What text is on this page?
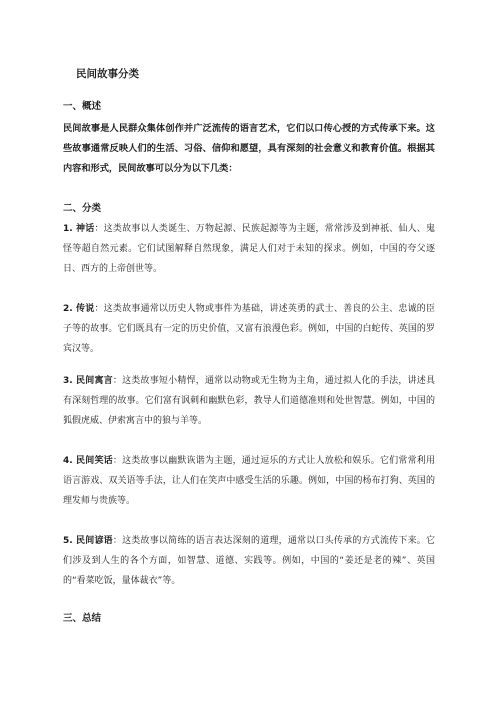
民间故事分类
一、概述
民间故事是人民群众集体创作并广泛流传的语言艺术，它们以口传心授的方式传承下来。这些故事通常反映人们的生活、习俗、信仰和愿望，具有深刻的社会意义和教育价值。根据其内容和形式，民间故事可以分为以下几类：
二、分类

1. 神话：这类故事以人类诞生、万物起源、民族起源等为主题，常常涉及到神祇、仙人、鬼怪等超自然元素。它们试图解释自然现象，满足人们对于未知的探求。例如，中国的夸父逐日、西方的上帝创世等。

2. 传说：这类故事通常以历史人物或事件为基础，讲述英勇的武士、善良的公主、忠诚的臣子等的故事。它们既具有一定的历史价值，又富有浪漫色彩。例如，中国的白蛇传、英国的罗宾汉等。

3. 民间寓言：这类故事短小精悍，通常以动物或无生物为主角，通过拟人化的手法，讲述具有深刻哲理的故事。它们富有讽刺和幽默色彩，教导人们道德准则和处世智慧。例如，中国的狐假虎威、伊索寓言中的狼与羊等。

4. 民间笑话：这类故事以幽默诙谐为主题，通过逗乐的方式让人放松和娱乐。它们常常利用语言游戏、双关语等手法，让人们在笑声中感受生活的乐趣。例如，中国的杨布打狗、英国的理发师与贵族等。

5. 民间谚语：这类故事以简练的语言表达深刻的道理，通常以口头传承的方式流传下来。它们涉及到人生的各个方面，如智慧、道德、实践等。例如，中国的“姜还是老的辣”、英国的“看菜吃饭，量体裁衣”等。

三、总结
